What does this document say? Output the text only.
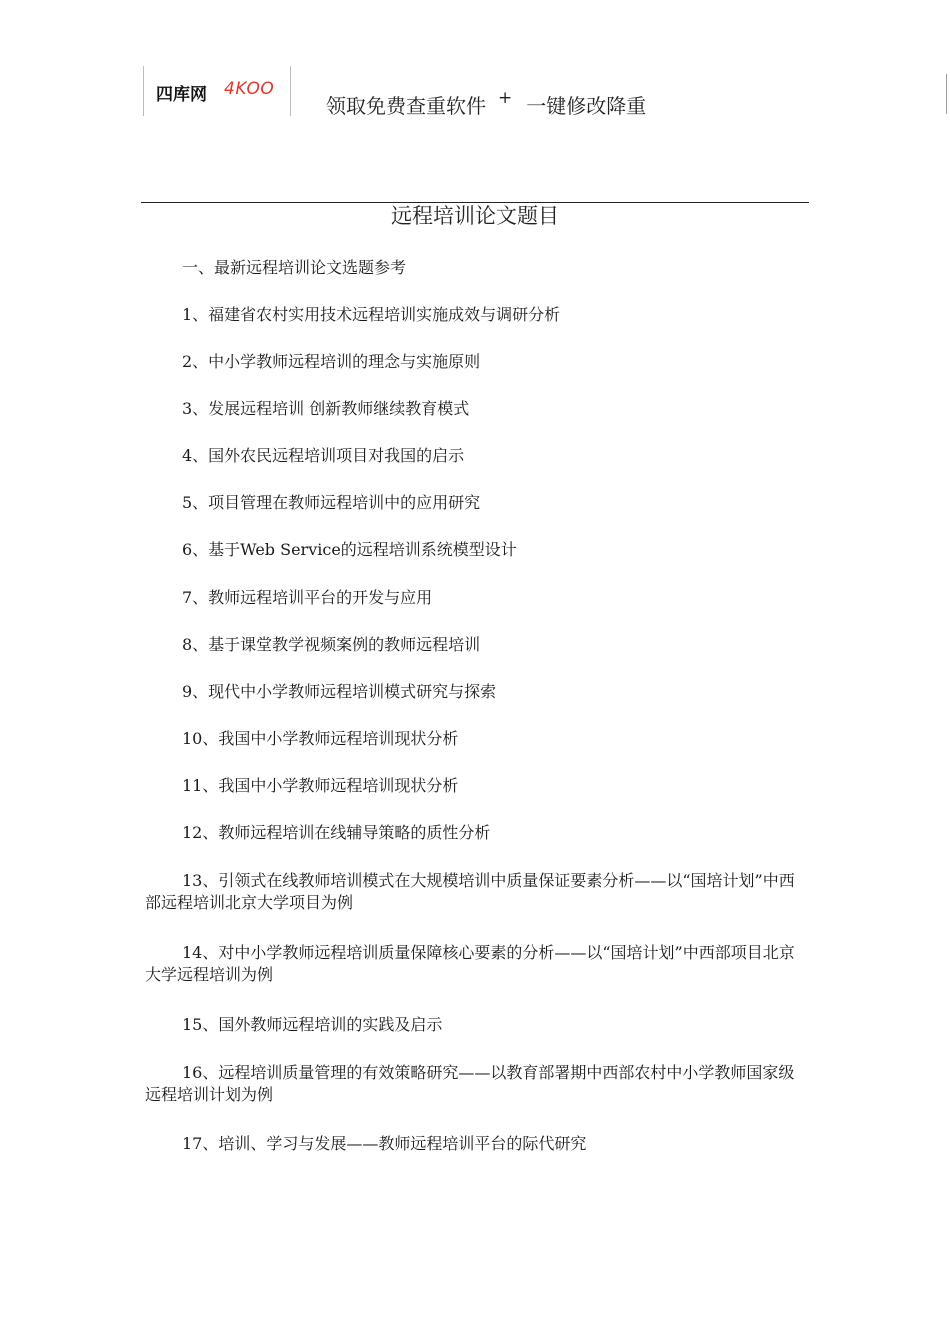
四库网 4KOO
领取免费查重软件 + 一键修改降重
远程培训论文题目

一、最新远程培训论文选题参考

1、福建省农村实用技术远程培训实施成效与调研分析

2、中小学教师远程培训的理念与实施原则

3、发展远程培训 创新教师继续教育模式

4、国外农民远程培训项目对我国的启示

5、项目管理在教师远程培训中的应用研究

6、基于Web Service的远程培训系统模型设计

7、教师远程培训平台的开发与应用

8、基于课堂教学视频案例的教师远程培训

9、现代中小学教师远程培训模式研究与探索

10、我国中小学教师远程培训现状分析

11、我国中小学教师远程培训现状分析

12、教师远程培训在线辅导策略的质性分析

13、引领式在线教师培训模式在大规模培训中质量保证要素分析——以“国培计划”中西部远程培训北京大学项目为例

14、对中小学教师远程培训质量保障核心要素的分析——以“国培计划”中西部项目北京大学远程培训为例

15、国外教师远程培训的实践及启示

16、远程培训质量管理的有效策略研究——以教育部署期中西部农村中小学教师国家级远程培训计划为例

17、培训、学习与发展——教师远程培训平台的际代研究
